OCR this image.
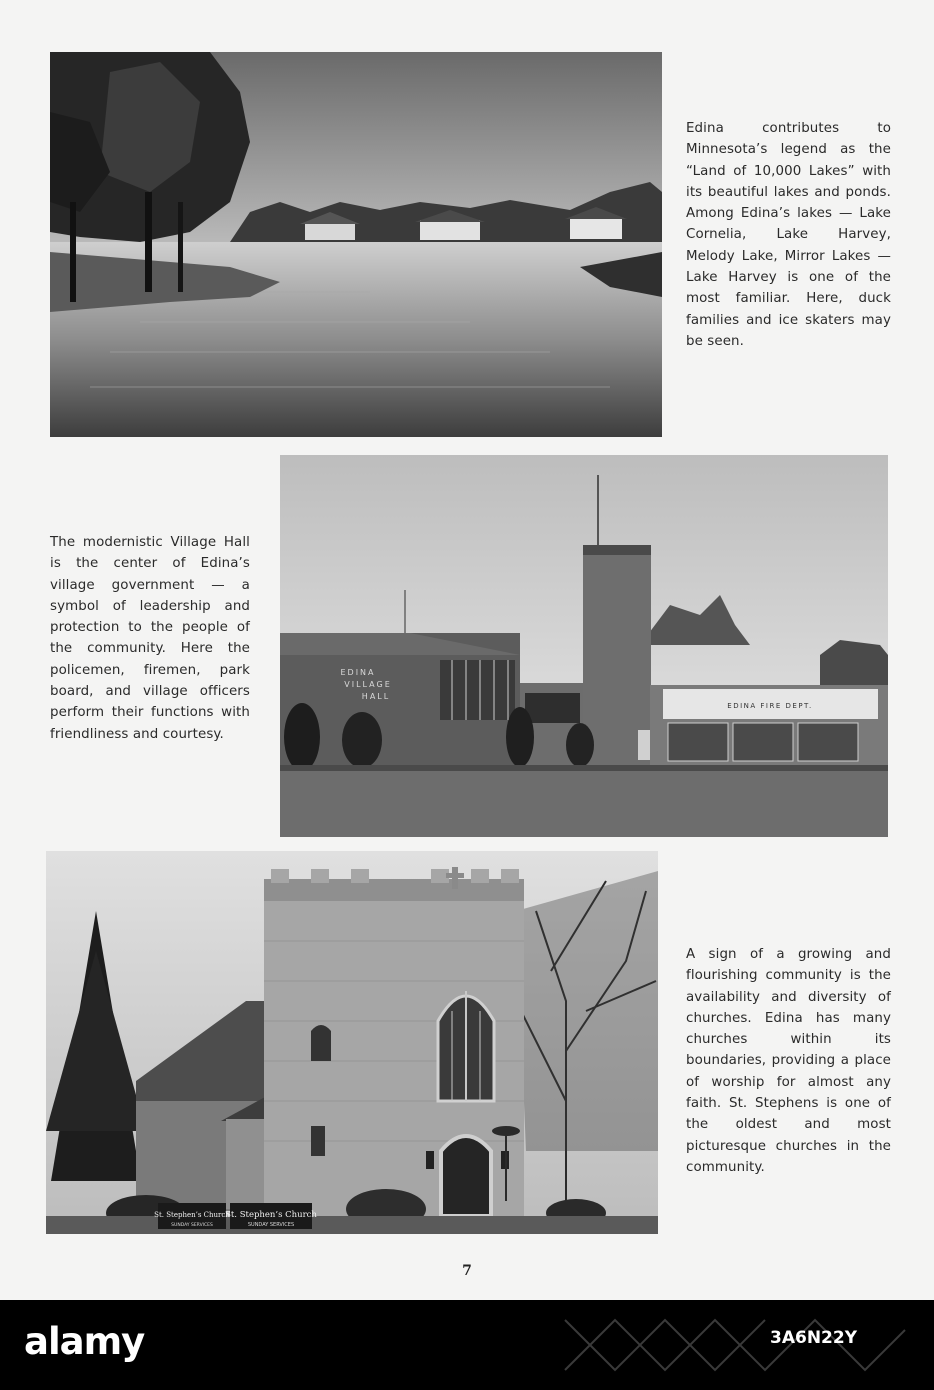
Edina contributes to Minnesota’s legend as the “Land of 10,000 Lakes” with its beautiful lakes and ponds. Among Edina’s lakes — Lake Cornelia, Lake Harvey, Melody Lake, Mirror Lakes — Lake Harvey is one of the most familiar. Here, duck families and ice skaters may be seen.

EDINA
VILLAGE
HALL
EDINA FIRE DEPT.

The modernistic Village Hall is the center of Edina’s village government — a symbol of leadership and protection to the people of the community. Here the policemen, firemen, park board, and village officers perform their functions with friendliness and courtesy.

St. Stephen’s Church
SUNDAY SERVICES
St. Stephen’s Church
SUNDAY SERVICES

A sign of a growing and flourishing community is the availability and diversity of churches. Edina has many churches within its boundaries, providing a place of worship for almost any faith. St. Stephens is one of the oldest and most picturesque churches in the community.

7
alamy	3A6N22Y
